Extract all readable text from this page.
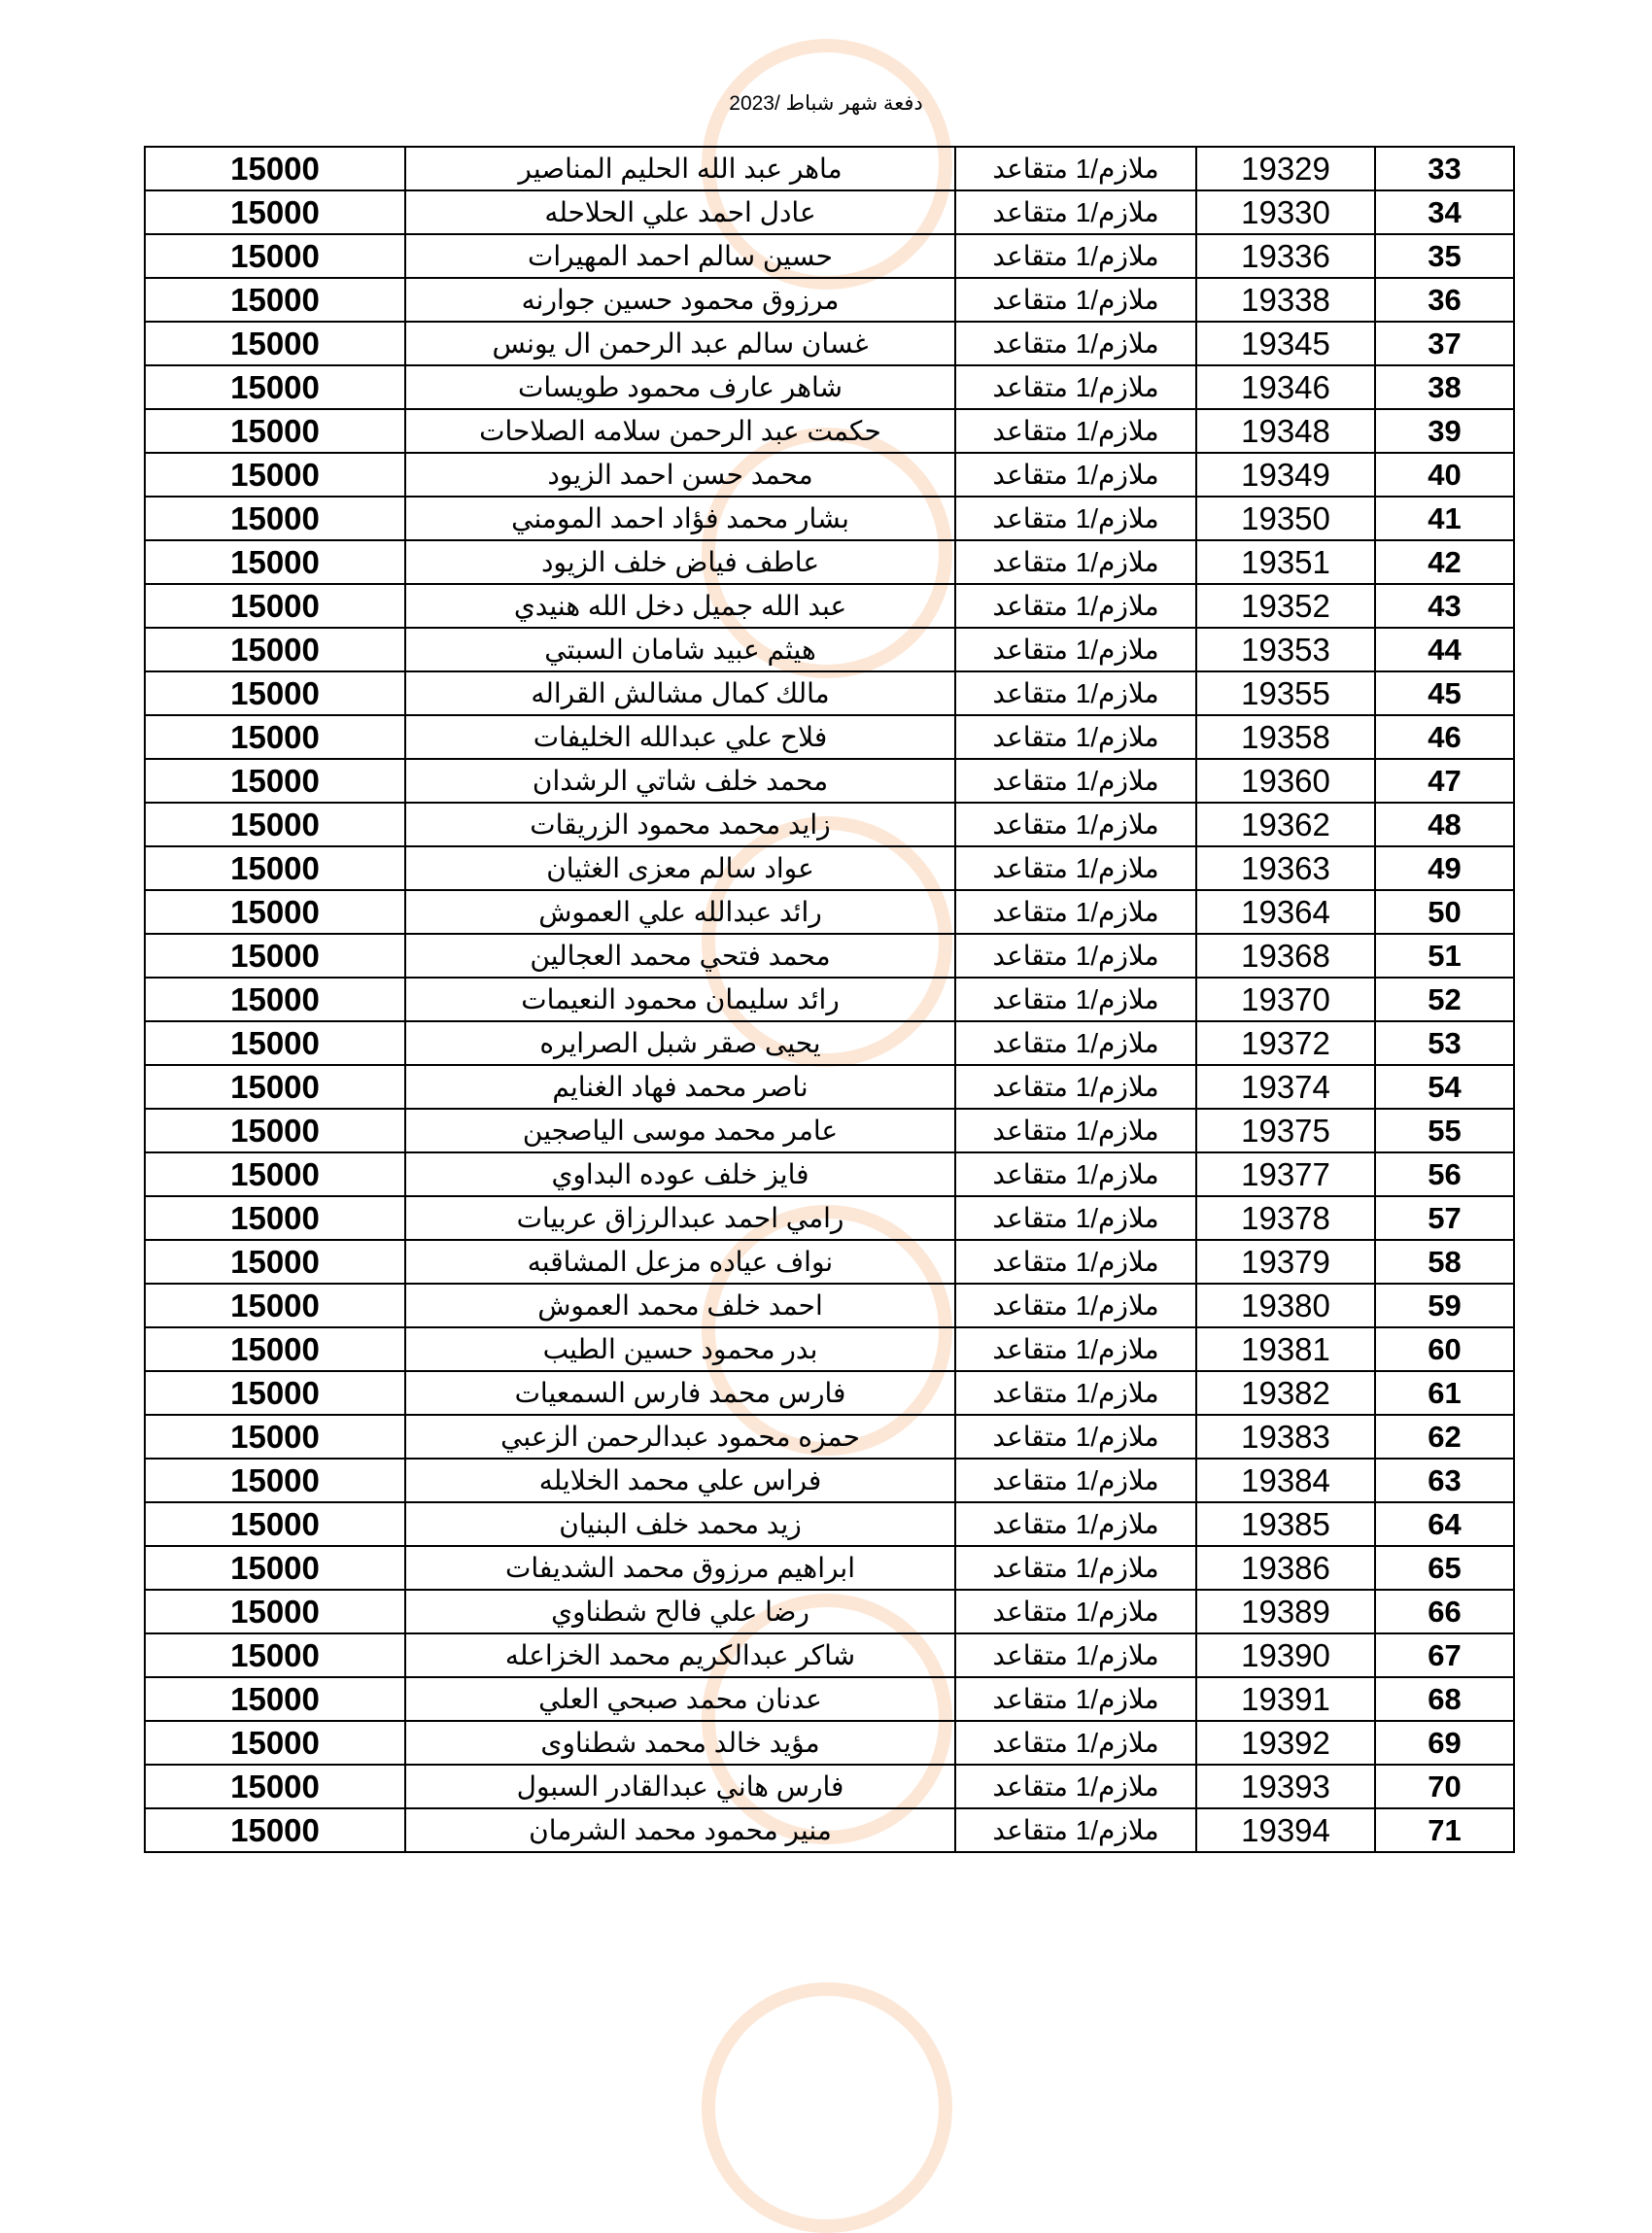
دفعة شهر شباط /2023
15000	ماهر عبد الله الحليم المناصير	ملازم/1 متقاعد	19329	33
15000	عادل احمد علي الحلاحله	ملازم/1 متقاعد	19330	34
15000	حسين سالم احمد المهيرات	ملازم/1 متقاعد	19336	35
15000	مرزوق محمود حسين جوارنه	ملازم/1 متقاعد	19338	36
15000	غسان سالم عبد الرحمن ال يونس	ملازم/1 متقاعد	19345	37
15000	شاهر عارف محمود طويسات	ملازم/1 متقاعد	19346	38
15000	حكمت عبد الرحمن سلامه الصلاحات	ملازم/1 متقاعد	19348	39
15000	محمد حسن احمد الزيود	ملازم/1 متقاعد	19349	40
15000	بشار محمد فؤاد احمد المومني	ملازم/1 متقاعد	19350	41
15000	عاطف فياض خلف الزيود	ملازم/1 متقاعد	19351	42
15000	عبد الله جميل دخل الله هنيدي	ملازم/1 متقاعد	19352	43
15000	هيثم عبيد شامان السبتي	ملازم/1 متقاعد	19353	44
15000	مالك كمال مشالش القراله	ملازم/1 متقاعد	19355	45
15000	فلاح علي عبدالله الخليفات	ملازم/1 متقاعد	19358	46
15000	محمد خلف شاتي الرشدان	ملازم/1 متقاعد	19360	47
15000	زايد محمد محمود الزريقات	ملازم/1 متقاعد	19362	48
15000	عواد سالم معزى الغثيان	ملازم/1 متقاعد	19363	49
15000	رائد عبدالله علي العموش	ملازم/1 متقاعد	19364	50
15000	محمد فتحي محمد العجالين	ملازم/1 متقاعد	19368	51
15000	رائد سليمان محمود النعيمات	ملازم/1 متقاعد	19370	52
15000	يحيى صقر شبل الصرايره	ملازم/1 متقاعد	19372	53
15000	ناصر محمد فهاد الغنايم	ملازم/1 متقاعد	19374	54
15000	عامر محمد موسى الياصجين	ملازم/1 متقاعد	19375	55
15000	فايز خلف عوده البداوي	ملازم/1 متقاعد	19377	56
15000	رامي احمد عبدالرزاق عربيات	ملازم/1 متقاعد	19378	57
15000	نواف عياده مزعل المشاقبه	ملازم/1 متقاعد	19379	58
15000	احمد خلف محمد العموش	ملازم/1 متقاعد	19380	59
15000	بدر محمود حسين الطيب	ملازم/1 متقاعد	19381	60
15000	فارس محمد فارس السمعيات	ملازم/1 متقاعد	19382	61
15000	حمزه محمود عبدالرحمن الزعبي	ملازم/1 متقاعد	19383	62
15000	فراس علي محمد الخلايله	ملازم/1 متقاعد	19384	63
15000	زيد محمد خلف البنيان	ملازم/1 متقاعد	19385	64
15000	ابراهيم مرزوق محمد الشديفات	ملازم/1 متقاعد	19386	65
15000	رضا علي فالح شطناوي	ملازم/1 متقاعد	19389	66
15000	شاكر عبدالكريم محمد الخزاعله	ملازم/1 متقاعد	19390	67
15000	عدنان محمد صبحي العلي	ملازم/1 متقاعد	19391	68
15000	مؤيد خالد محمد شطناوى	ملازم/1 متقاعد	19392	69
15000	فارس هاني عبدالقادر السبول	ملازم/1 متقاعد	19393	70
15000	منير محمود محمد الشرمان	ملازم/1 متقاعد	19394	71
